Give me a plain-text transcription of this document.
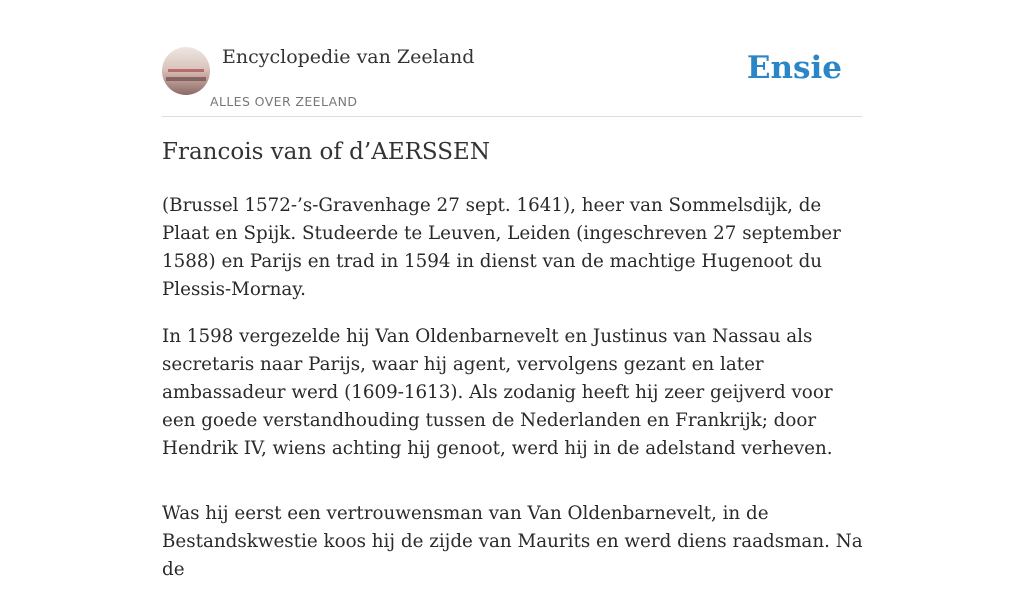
Encyclopedie van Zeeland
ALLES OVER ZEELAND
Ensie
Francois van of d’AERSSEN

(Brussel 1572-’s-Gravenhage 27 sept. 1641), heer van Sommelsdijk, de Plaat en Spijk. Studeerde te Leuven, Leiden (ingeschreven 27 september 1588) en Parijs en trad in 1594 in dienst van de machtige Hugenoot du Plessis-Mornay.

In 1598 vergezelde hij Van Oldenbarnevelt en Justinus van Nassau als secretaris naar Parijs, waar hij agent, vervolgens gezant en later ambassadeur werd (1609-1613). Als zodanig heeft hij zeer geijverd voor een goede verstandhouding tussen de Nederlanden en Frankrijk; door Hendrik IV, wiens achting hij genoot, werd hij in de adelstand verheven.

Was hij eerst een vertrouwensman van Van Oldenbarnevelt, in de Bestandskwestie koos hij de zijde van Maurits en werd diens raadsman. Na de
